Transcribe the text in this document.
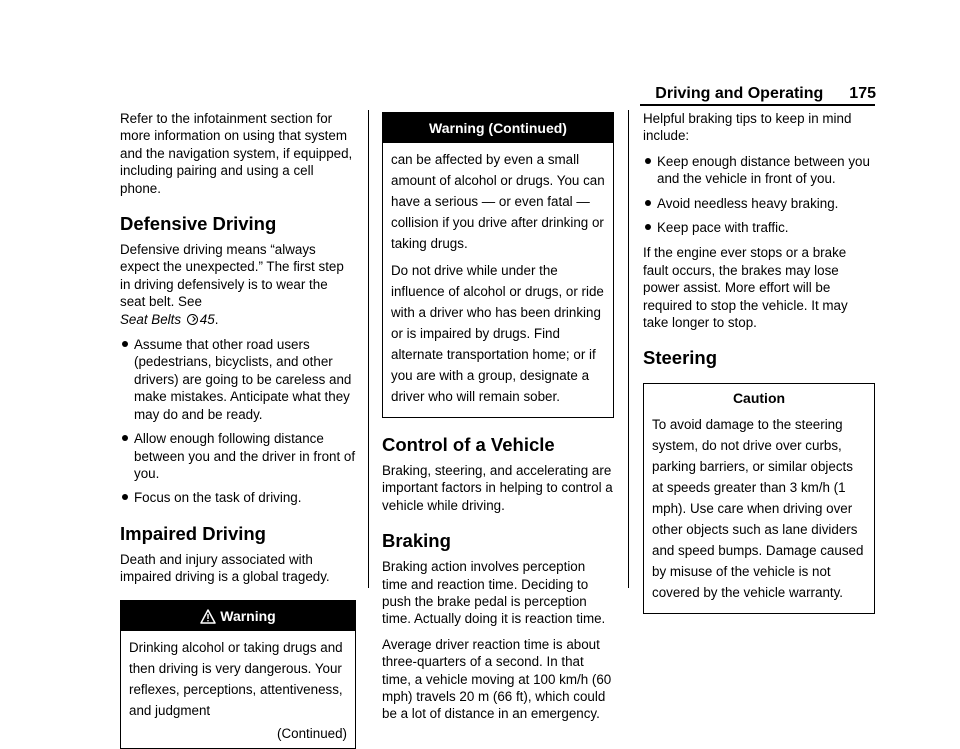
Driving and Operating 175

Refer to the infotainment section for more information on using that system and the navigation system, if equipped, including pairing and using a cell phone.

Defensive Driving

Defensive driving means “always expect the unexpected.” The first step in driving defensively is to wear the seat belt. See
Seat Belts 45.

Assume that other road users (pedestrians, bicyclists, and other drivers) are going to be careless and make mistakes. Anticipate what they may do and be ready.
Allow enough following distance between you and the driver in front of you.
Focus on the task of driving.
Impaired Driving

Death and injury associated with impaired driving is a global tragedy.

Warning

Drinking alcohol or taking drugs and then driving is very dangerous. Your reflexes, perceptions, attentiveness, and judgment

(Continued)
Warning (Continued)

can be affected by even a small amount of alcohol or drugs. You can have a serious — or even fatal — collision if you drive after drinking or taking drugs.

Do not drive while under the influence of alcohol or drugs, or ride with a driver who has been drinking or is impaired by drugs. Find alternate transportation home; or if you are with a group, designate a driver who will remain sober.

Control of a Vehicle

Braking, steering, and accelerating are important factors in helping to control a vehicle while driving.

Braking

Braking action involves perception time and reaction time. Deciding to push the brake pedal is perception time. Actually doing it is reaction time.

Average driver reaction time is about three-quarters of a second. In that time, a vehicle moving at 100 km/h (60 mph) travels 20 m (66 ft), which could be a lot of distance in an emergency.

Helpful braking tips to keep in mind include:

Keep enough distance between you and the vehicle in front of you.
Avoid needless heavy braking.
Keep pace with traffic.

If the engine ever stops or a brake fault occurs, the brakes may lose power assist. More effort will be required to stop the vehicle. It may take longer to stop.

Steering
Caution

To avoid damage to the steering system, do not drive over curbs, parking barriers, or similar objects at speeds greater than 3 km/h (1 mph). Use care when driving over other objects such as lane dividers and speed bumps. Damage caused by misuse of the vehicle is not covered by the vehicle warranty.
